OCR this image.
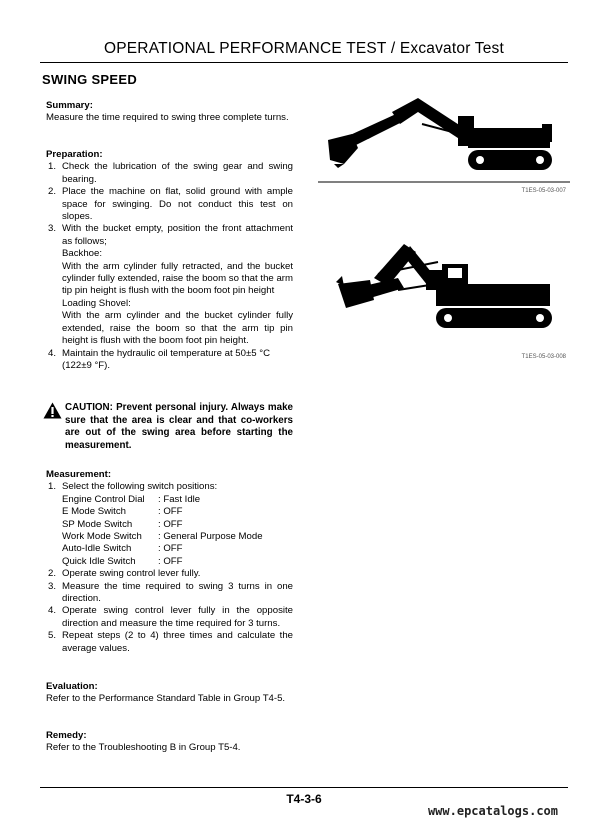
OPERATIONAL PERFORMANCE TEST / Excavator Test
SWING SPEED
Summary:
Measure the time required to swing three complete turns.
Preparation:
1. Check the lubrication of the swing gear and swing bearing.
2. Place the machine on flat, solid ground with ample space for swinging. Do not conduct this test on slopes.
3. With the bucket empty, position the front attachment as follows;
Backhoe:
With the arm cylinder fully retracted, and the bucket cylinder fully extended, raise the boom so that the arm tip pin height is flush with the boom foot pin height
Loading Shovel:
With the arm cylinder and the bucket cylinder fully extended, raise the boom so that the arm tip pin height is flush with the boom foot pin height.
4. Maintain the hydraulic oil temperature at 50±5 °C (122±9 °F).
CAUTION: Prevent personal injury. Always make sure that the area is clear and that co-workers are out of the swing area before starting the measurement.
Measurement:
1. Select the following switch positions:
Engine Control Dial	: Fast Idle
E Mode Switch	: OFF
SP Mode Switch	: OFF
Work Mode Switch	: General Purpose Mode
Auto-Idle Switch	: OFF
Quick Idle Switch	: OFF
2. Operate swing control lever fully.
3. Measure the time required to swing 3 turns in one direction.
4. Operate swing control lever fully in the opposite direction and measure the time required for 3 turns.
5. Repeat steps (2 to 4) three times and calculate the average values.
Evaluation:
Refer to the Performance Standard Table in Group T4-5.
Remedy:
Refer to the Troubleshooting B in Group T5-4.
T1ES-05-03-007
T1ES-05-03-008
T4-3-6
www.epcatalogs.com
